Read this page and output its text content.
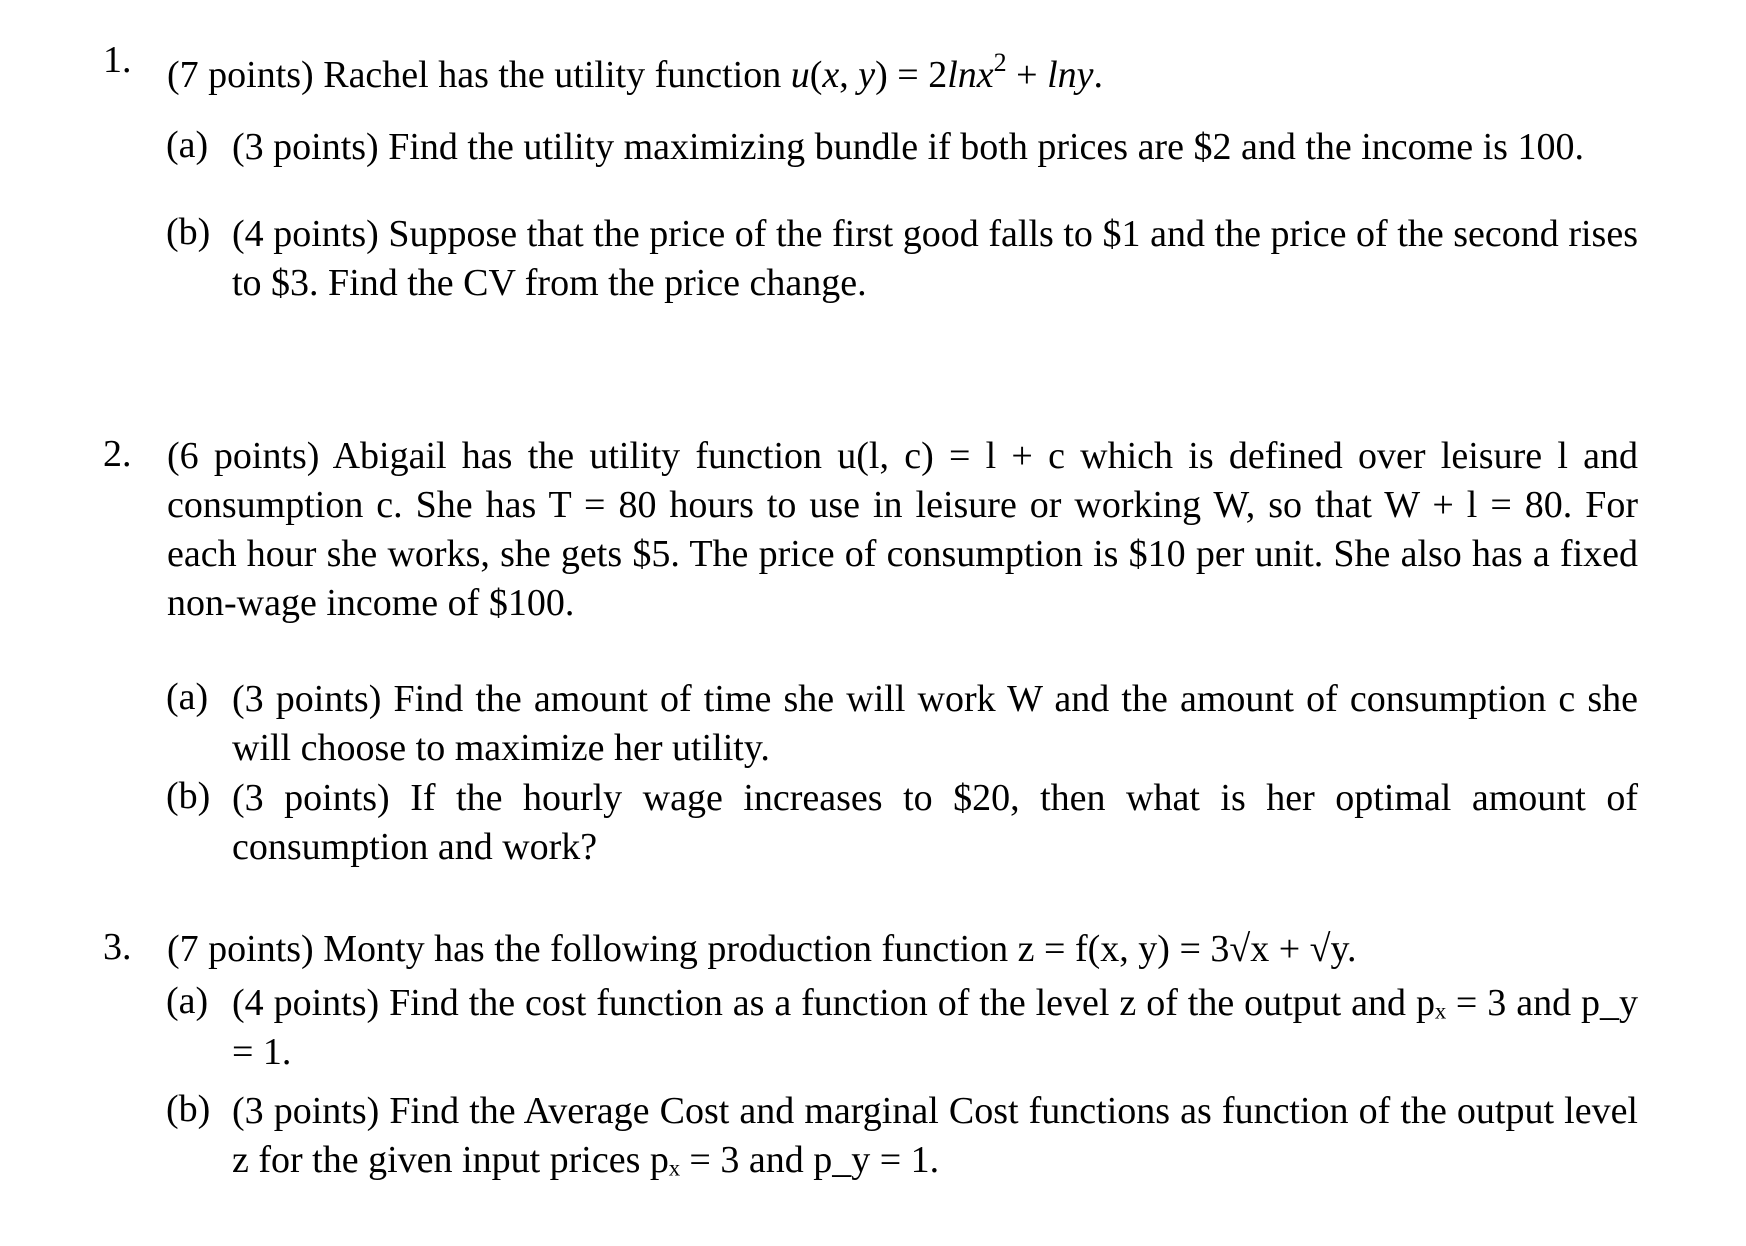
1. (7 points) Rachel has the utility function u(x, y) = 2lnx$^2$ + lny.
(a) (3 points) Find the utility maximizing bundle if both prices are $2 and the income is 100.
(b) (4 points) Suppose that the price of the first good falls to $1 and the price of the second rises to $3. Find the CV from the price change.
2. (6 points) Abigail has the utility function u(l, c) = l + c which is defined over leisure l and consumption c. She has T = 80 hours to use in leisure or working W, so that W + l = 80. For each hour she works, she gets $5. The price of consumption is $10 per unit. She also has a fixed non-wage income of $100.
(a) (3 points) Find the amount of time she will work W and the amount of consumption c she will choose to maximize her utility.
(b) (3 points) If the hourly wage increases to $20, then what is her optimal amount of consumption and work?
3. (7 points) Monty has the following production function z = f(x, y) = 3√x + √y.
(a) (4 points) Find the cost function as a function of the level z of the output and pₓ = 3 and p_y = 1.
(b) (3 points) Find the Average Cost and marginal Cost functions as function of the output level z for the given input prices pₓ = 3 and p_y = 1.
